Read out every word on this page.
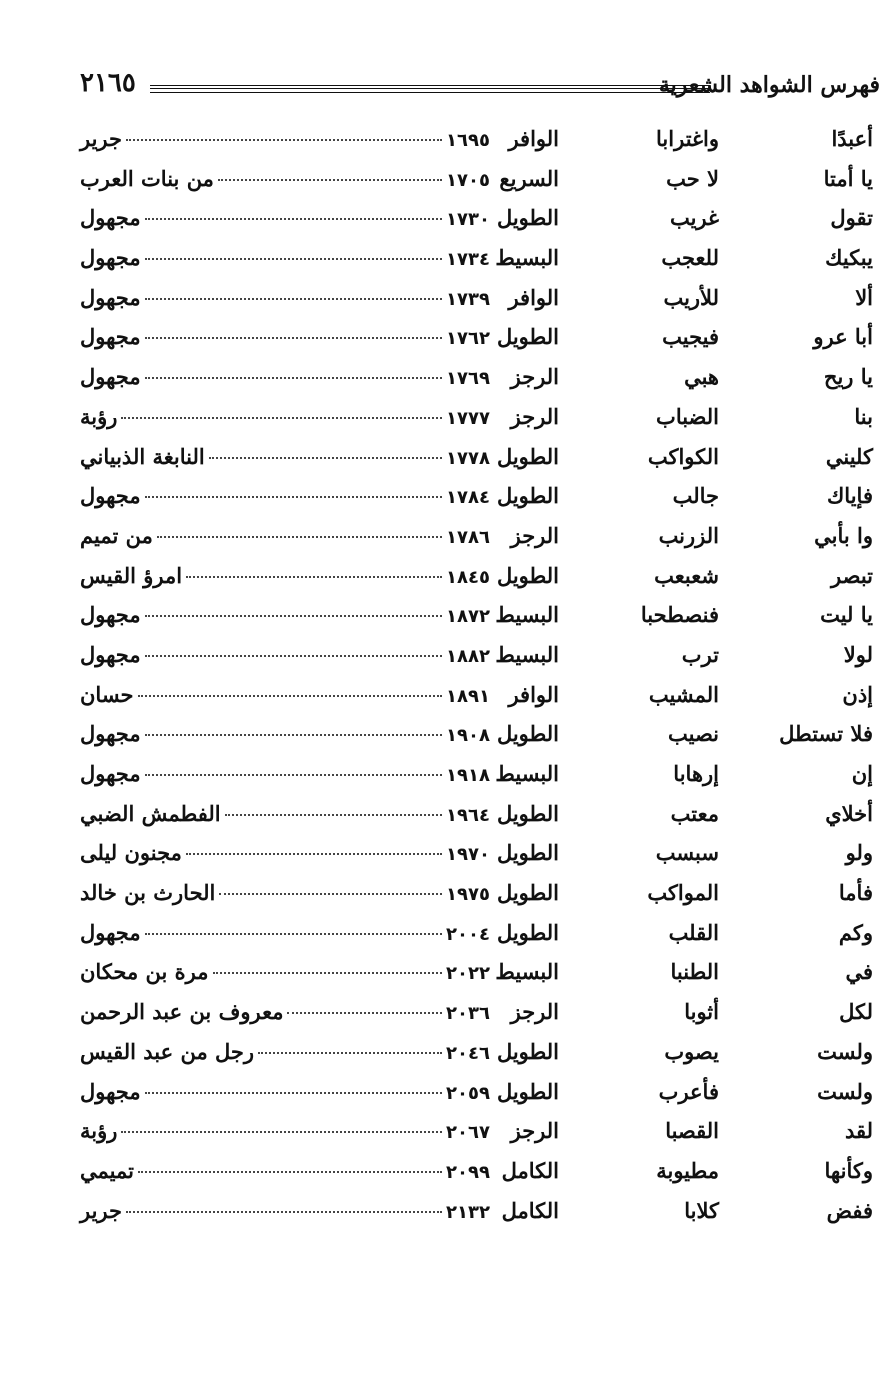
فهرس الشواهد الشعرية
٢١٦٥
أعبدًا
واغترابا
الوافر
١٦٩٥
جرير
يا أمتا
لا حب
السريع
١٧٠٥
من بنات العرب
تقول
غريب
الطويل
١٧٣٠
مجهول
يبكيك
للعجب
البسيط
١٧٣٤
مجهول
ألا
للأريب
الوافر
١٧٣٩
مجهول
أبا عرو
فيجيب
الطويل
١٧٦٢
مجهول
يا ريح
هبي
الرجز
١٧٦٩
مجهول
بنا
الضباب
الرجز
١٧٧٧
رؤبة
كليني
الكواكب
الطويل
١٧٧٨
النابغة الذبياني
فإياك
جالب
الطويل
١٧٨٤
مجهول
وا بأبي
الزرنب
الرجز
١٧٨٦
من تميم
تبصر
شعبعب
الطويل
١٨٤٥
امرؤ القيس
يا ليت
فنصطحبا
البسيط
١٨٧٢
مجهول
لولا
ترب
البسيط
١٨٨٢
مجهول
إذن
المشيب
الوافر
١٨٩١
حسان
فلا تستطل
نصيب
الطويل
١٩٠٨
مجهول
إن
إرهابا
البسيط
١٩١٨
مجهول
أخلاي
معتب
الطويل
١٩٦٤
الفطمش الضبي
ولو
سبسب
الطويل
١٩٧٠
مجنون ليلى
فأما
المواكب
الطويل
١٩٧٥
الحارث بن خالد
وكم
القلب
الطويل
٢٠٠٤
مجهول
في
الطنبا
البسيط
٢٠٢٢
مرة بن محكان
لكل
أثوبا
الرجز
٢٠٣٦
معروف بن عبد الرحمن
ولست
يصوب
الطويل
٢٠٤٦
رجل من عبد القيس
ولست
فأعرب
الطويل
٢٠٥٩
مجهول
لقد
القصبا
الرجز
٢٠٦٧
رؤبة
وكأنها
مطيوبة
الكامل
٢٠٩٩
تميمي
ففض
كلابا
الكامل
٢١٣٢
جرير
